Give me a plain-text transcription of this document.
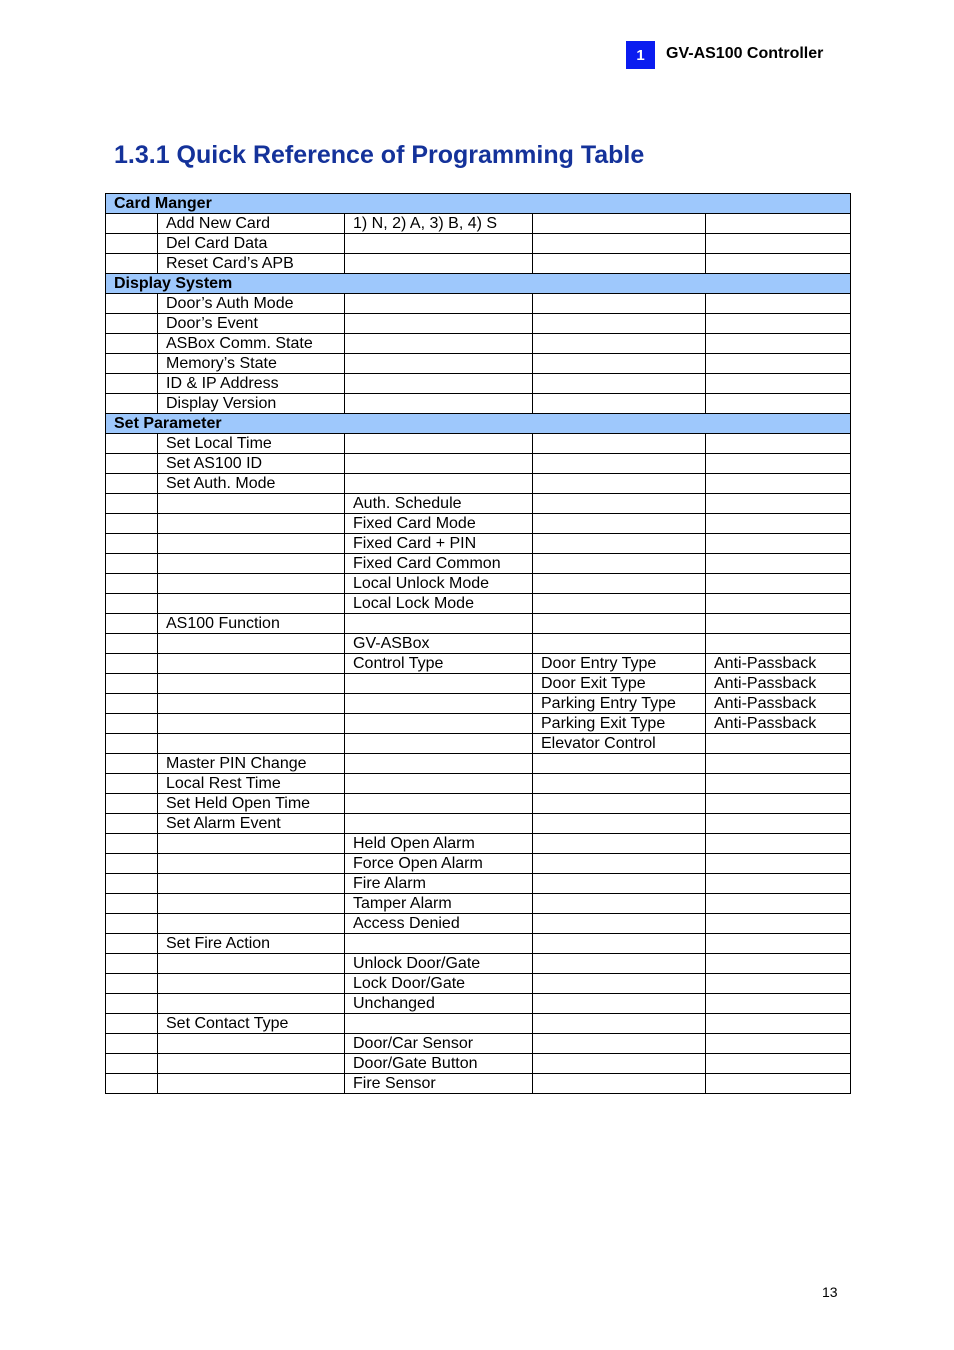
1	GV-AS100 Controller
1.3.1 Quick Reference of Programming Table
Card Manger				
	Add New Card	1) N, 2) A, 3) B, 4) S		
	Del Card Data			
	Reset Card’s APB			
Display System				
	Door’s Auth Mode			
	Door’s Event			
	ASBox Comm. State			
	Memory’s State			
	ID & IP Address			
	Display Version			
Set Parameter				
	Set Local Time			
	Set AS100 ID			
	Set Auth. Mode			
		Auth. Schedule		
		Fixed Card Mode		
		Fixed Card + PIN		
		Fixed Card Common		
		Local Unlock Mode		
		Local Lock Mode		
	AS100 Function			
		GV-ASBox		
		Control Type	Door Entry Type	Anti-Passback
			Door Exit Type	Anti-Passback
			Parking Entry Type	Anti-Passback
			Parking Exit Type	Anti-Passback
			Elevator Control	
	Master PIN Change			
	Local Rest Time			
	Set Held Open Time			
	Set Alarm Event			
		Held Open Alarm		
		Force Open Alarm		
		Fire Alarm		
		Tamper Alarm		
		Access Denied		
	Set Fire Action			
		Unlock Door/Gate		
		Lock Door/Gate		
		Unchanged		
	Set Contact Type			
		Door/Car Sensor		
		Door/Gate Button		
		Fire Sensor		
13
